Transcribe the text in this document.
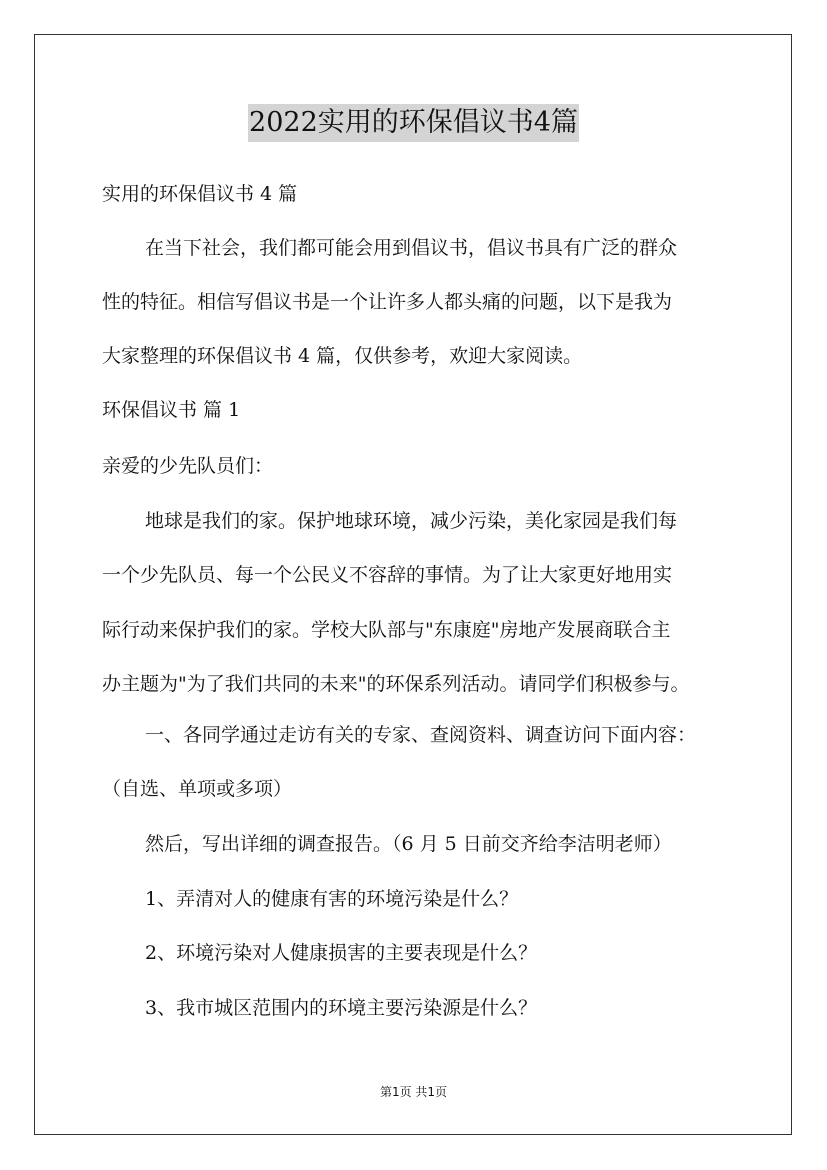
2022实用的环保倡议书4篇
实用的环保倡议书 4 篇
在当下社会，我们都可能会用到倡议书，倡议书具有广泛的群众
性的特征。相信写倡议书是一个让许多人都头痛的问题，以下是我为
大家整理的环保倡议书 4 篇，仅供参考，欢迎大家阅读。
环保倡议书 篇 1
亲爱的少先队员们：
地球是我们的家。保护地球环境，减少污染，美化家园是我们每
一个少先队员、每一个公民义不容辞的事情。为了让大家更好地用实
际行动来保护我们的家。学校大队部与"东康庭"房地产发展商联合主
办主题为"为了我们共同的未来"的环保系列活动。请同学们积极参与。
一、各同学通过走访有关的专家、查阅资料、调查访问下面内容：
（自选、单项或多项）
然后，写出详细的调查报告。（6 月 5 日前交齐给李洁明老师）
1、弄清对人的健康有害的环境污染是什么？
2、环境污染对人健康损害的主要表现是什么？
3、我市城区范围内的环境主要污染源是什么？
第1页 共1页
